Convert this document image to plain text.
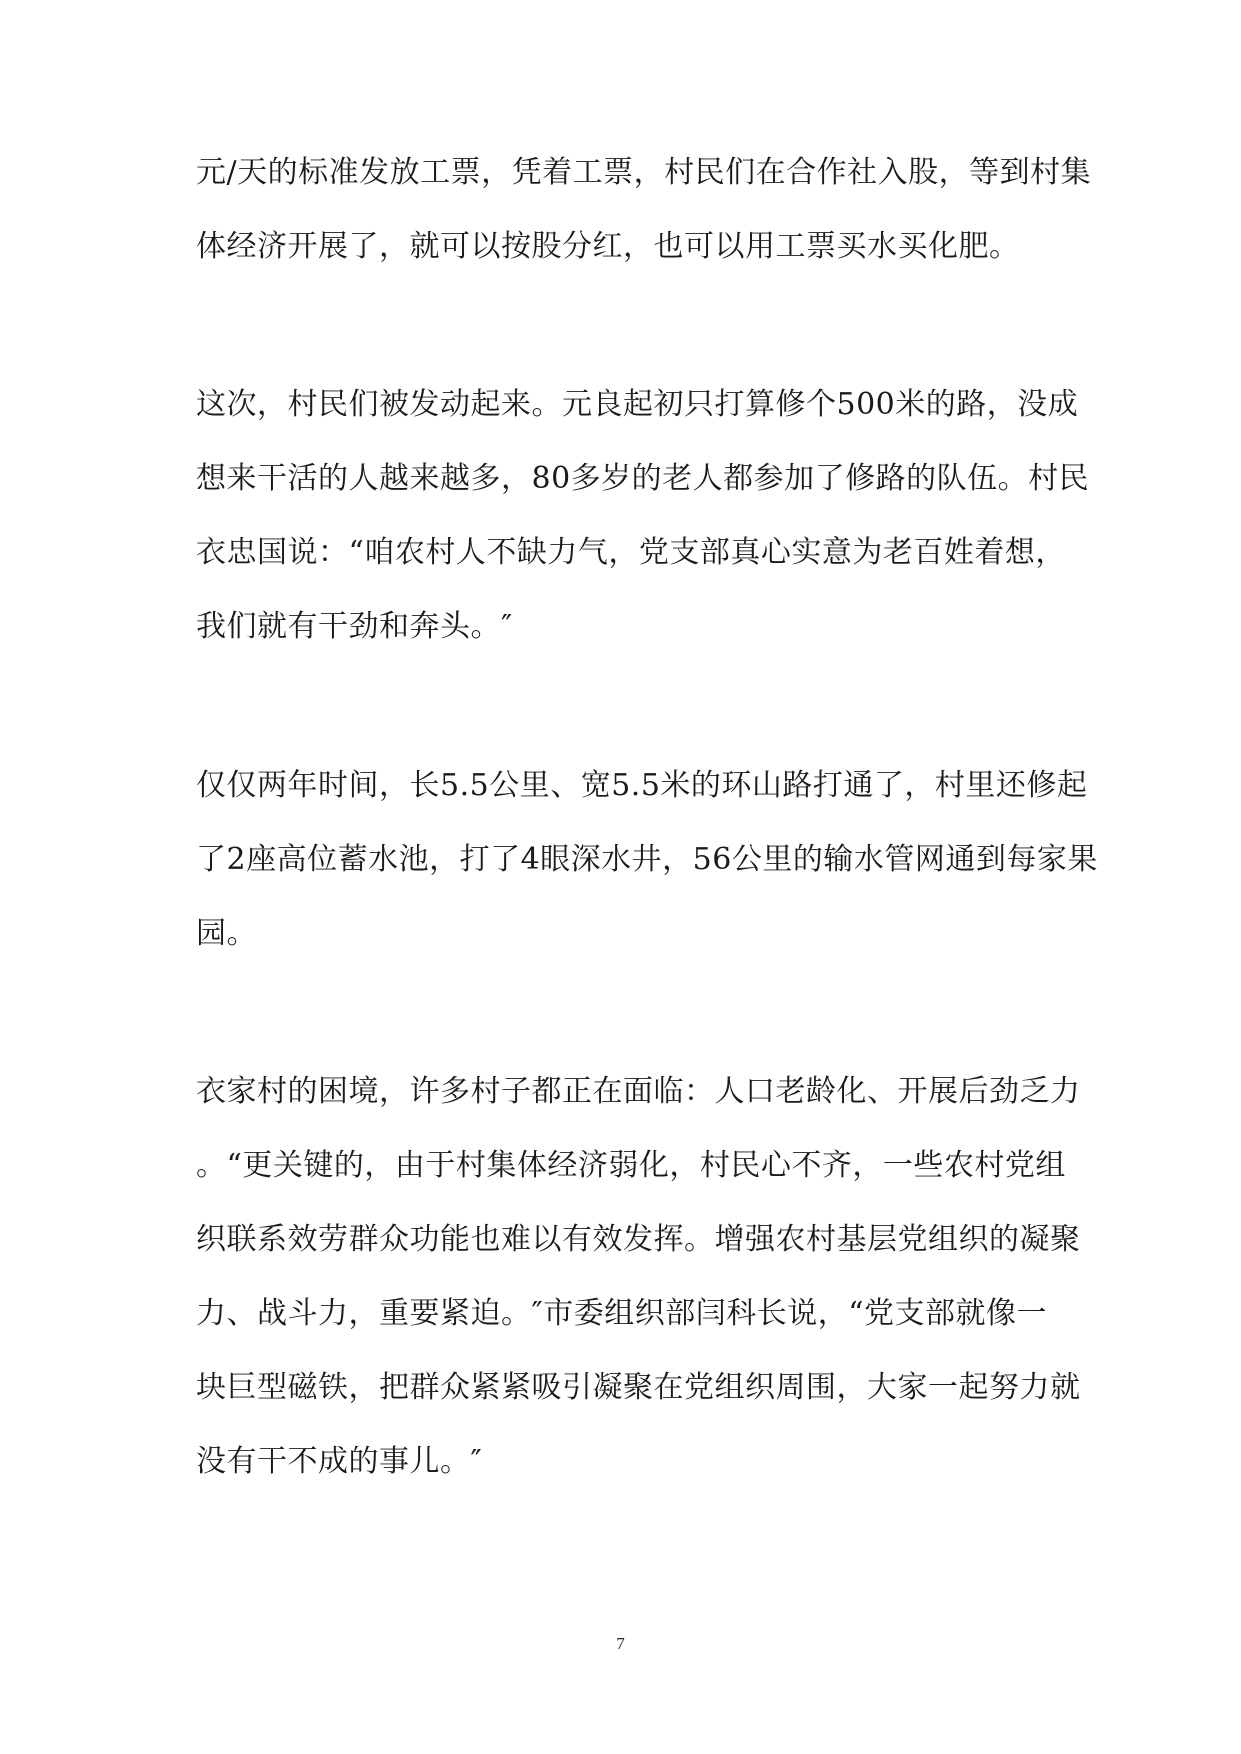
元/天的标准发放工票，凭着工票，村民们在合作社入股，等到村集

体经济开展了，就可以按股分红，也可以用工票买水买化肥。

这次，村民们被发动起来。元良起初只打算修个500米的路，没成

想来干活的人越来越多，80多岁的老人都参加了修路的队伍。村民

衣忠国说：“咱农村人不缺力气，党支部真心实意为老百姓着想，

我们就有干劲和奔头。″

仅仅两年时间，长5.5公里、宽5.5米的环山路打通了，村里还修起

了2座高位蓄水池，打了4眼深水井，56公里的输水管网通到每家果

园。

衣家村的困境，许多村子都正在面临：人口老龄化、开展后劲乏力

。“更关键的，由于村集体经济弱化，村民心不齐，一些农村党组

织联系效劳群众功能也难以有效发挥。增强农村基层党组织的凝聚

力、战斗力，重要紧迫。″市委组织部闫科长说，“党支部就像一

块巨型磁铁，把群众紧紧吸引凝聚在党组织周围，大家一起努力就

没有干不成的事儿。″

7
